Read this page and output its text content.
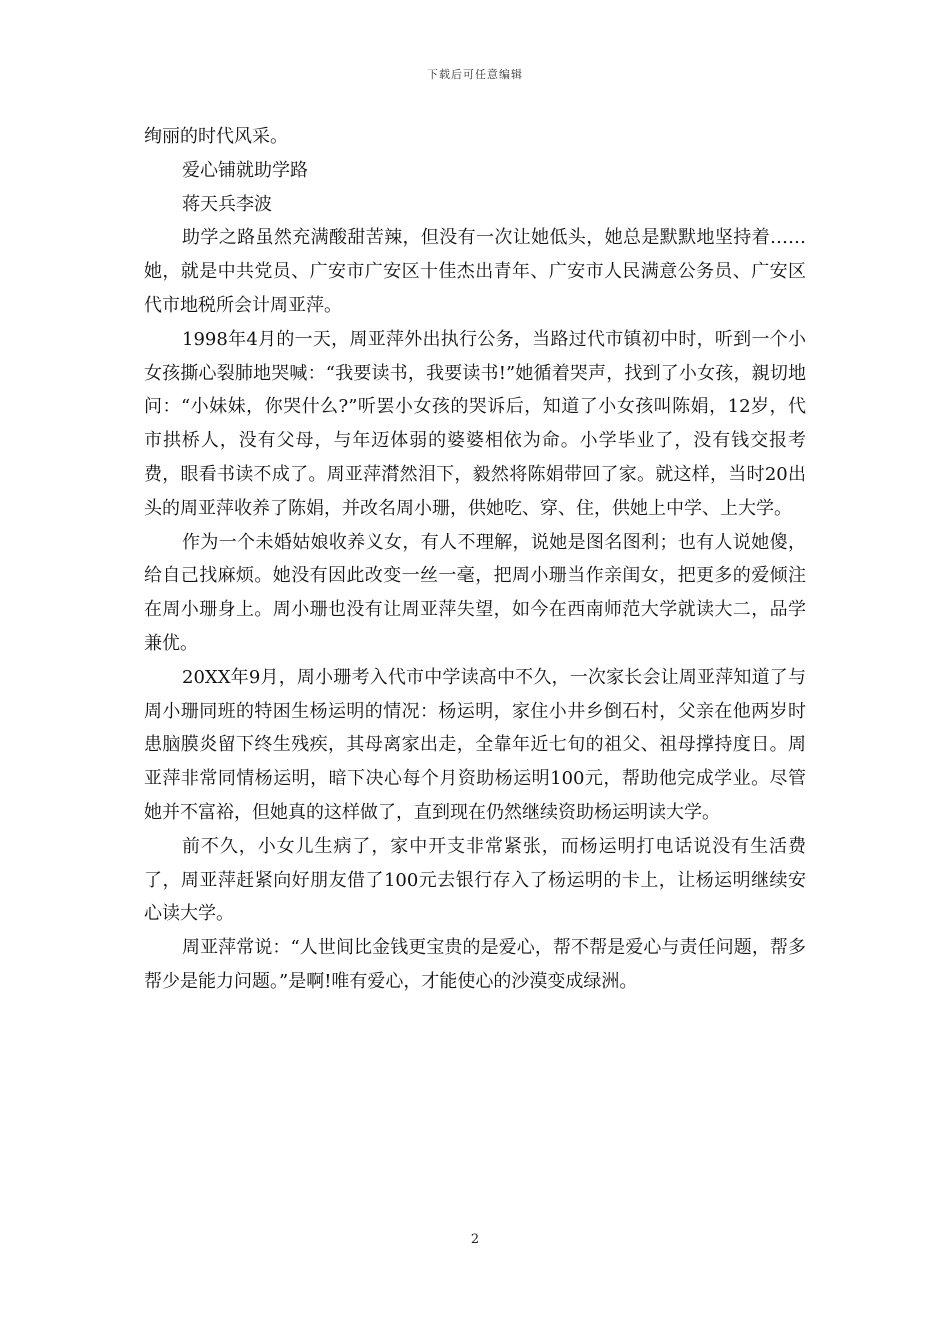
下载后可任意编辑

绚丽的时代风采。

爱心铺就助学路

蒋天兵李波

助学之路虽然充满酸甜苦辣，但没有一次让她低头，她总是默默地坚持着……她，就是中共党员、广安市广安区十佳杰出青年、广安市人民满意公务员、广安区代市地税所会计周亚萍。

1998年4月的一天，周亚萍外出执行公务，当路过代市镇初中时，听到一个小女孩撕心裂肺地哭喊：“我要读书，我要读书!”她循着哭声，找到了小女孩，親切地问：“小妹妹，你哭什么?”听罢小女孩的哭诉后，知道了小女孩叫陈娟，12岁，代市拱桥人，没有父母，与年迈体弱的婆婆相依为命。小学毕业了，没有钱交报考费，眼看书读不成了。周亚萍潸然泪下，毅然将陈娟带回了家。就这样，当时20出头的周亚萍收养了陈娟，并改名周小珊，供她吃、穿、住，供她上中学、上大学。

作为一个未婚姑娘收养义女，有人不理解，说她是图名图利；也有人说她傻，给自己找麻烦。她没有因此改变一丝一毫，把周小珊当作亲闺女，把更多的爱倾注在周小珊身上。周小珊也没有让周亚萍失望，如今在西南师范大学就读大二，品学兼优。

20XX年9月，周小珊考入代市中学读高中不久，一次家长会让周亚萍知道了与周小珊同班的特困生杨运明的情况：杨运明，家住小井乡倒石村，父亲在他两岁时患脑膜炎留下终生残疾，其母离家出走，全靠年近七旬的祖父、祖母撑持度日。周亚萍非常同情杨运明，暗下决心每个月资助杨运明100元，帮助他完成学业。尽管她并不富裕，但她真的这样做了，直到现在仍然继续资助杨运明读大学。

前不久，小女儿生病了，家中开支非常紧张，而杨运明打电话说没有生活费了，周亚萍赶紧向好朋友借了100元去银行存入了杨运明的卡上，让杨运明继续安心读大学。

周亚萍常说：“人世间比金钱更宝贵的是爱心，帮不帮是爱心与责任问题，帮多帮少是能力问题。”是啊!唯有爱心，才能使心的沙漠变成绿洲。

2
